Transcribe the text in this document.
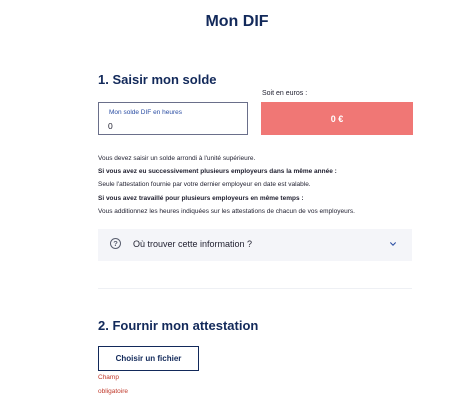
Mon DIF
1. Saisir mon solde
Mon solde DIF en heures
0
Soit en euros :
0 €
Vous devez saisir un solde arrondi à l'unité supérieure.
Si vous avez eu successivement plusieurs employeurs dans la même année :
Seule l'attestation fournie par votre dernier employeur en date est valable.
Si vous avez travaillé pour plusieurs employeurs en même temps :
Vous additionnez les heures indiquées sur les attestations de chacun de vos employeurs.
?	Où trouver cette information ?
2. Fournir mon attestation
Choisir un fichier
Champ
obligatoire
